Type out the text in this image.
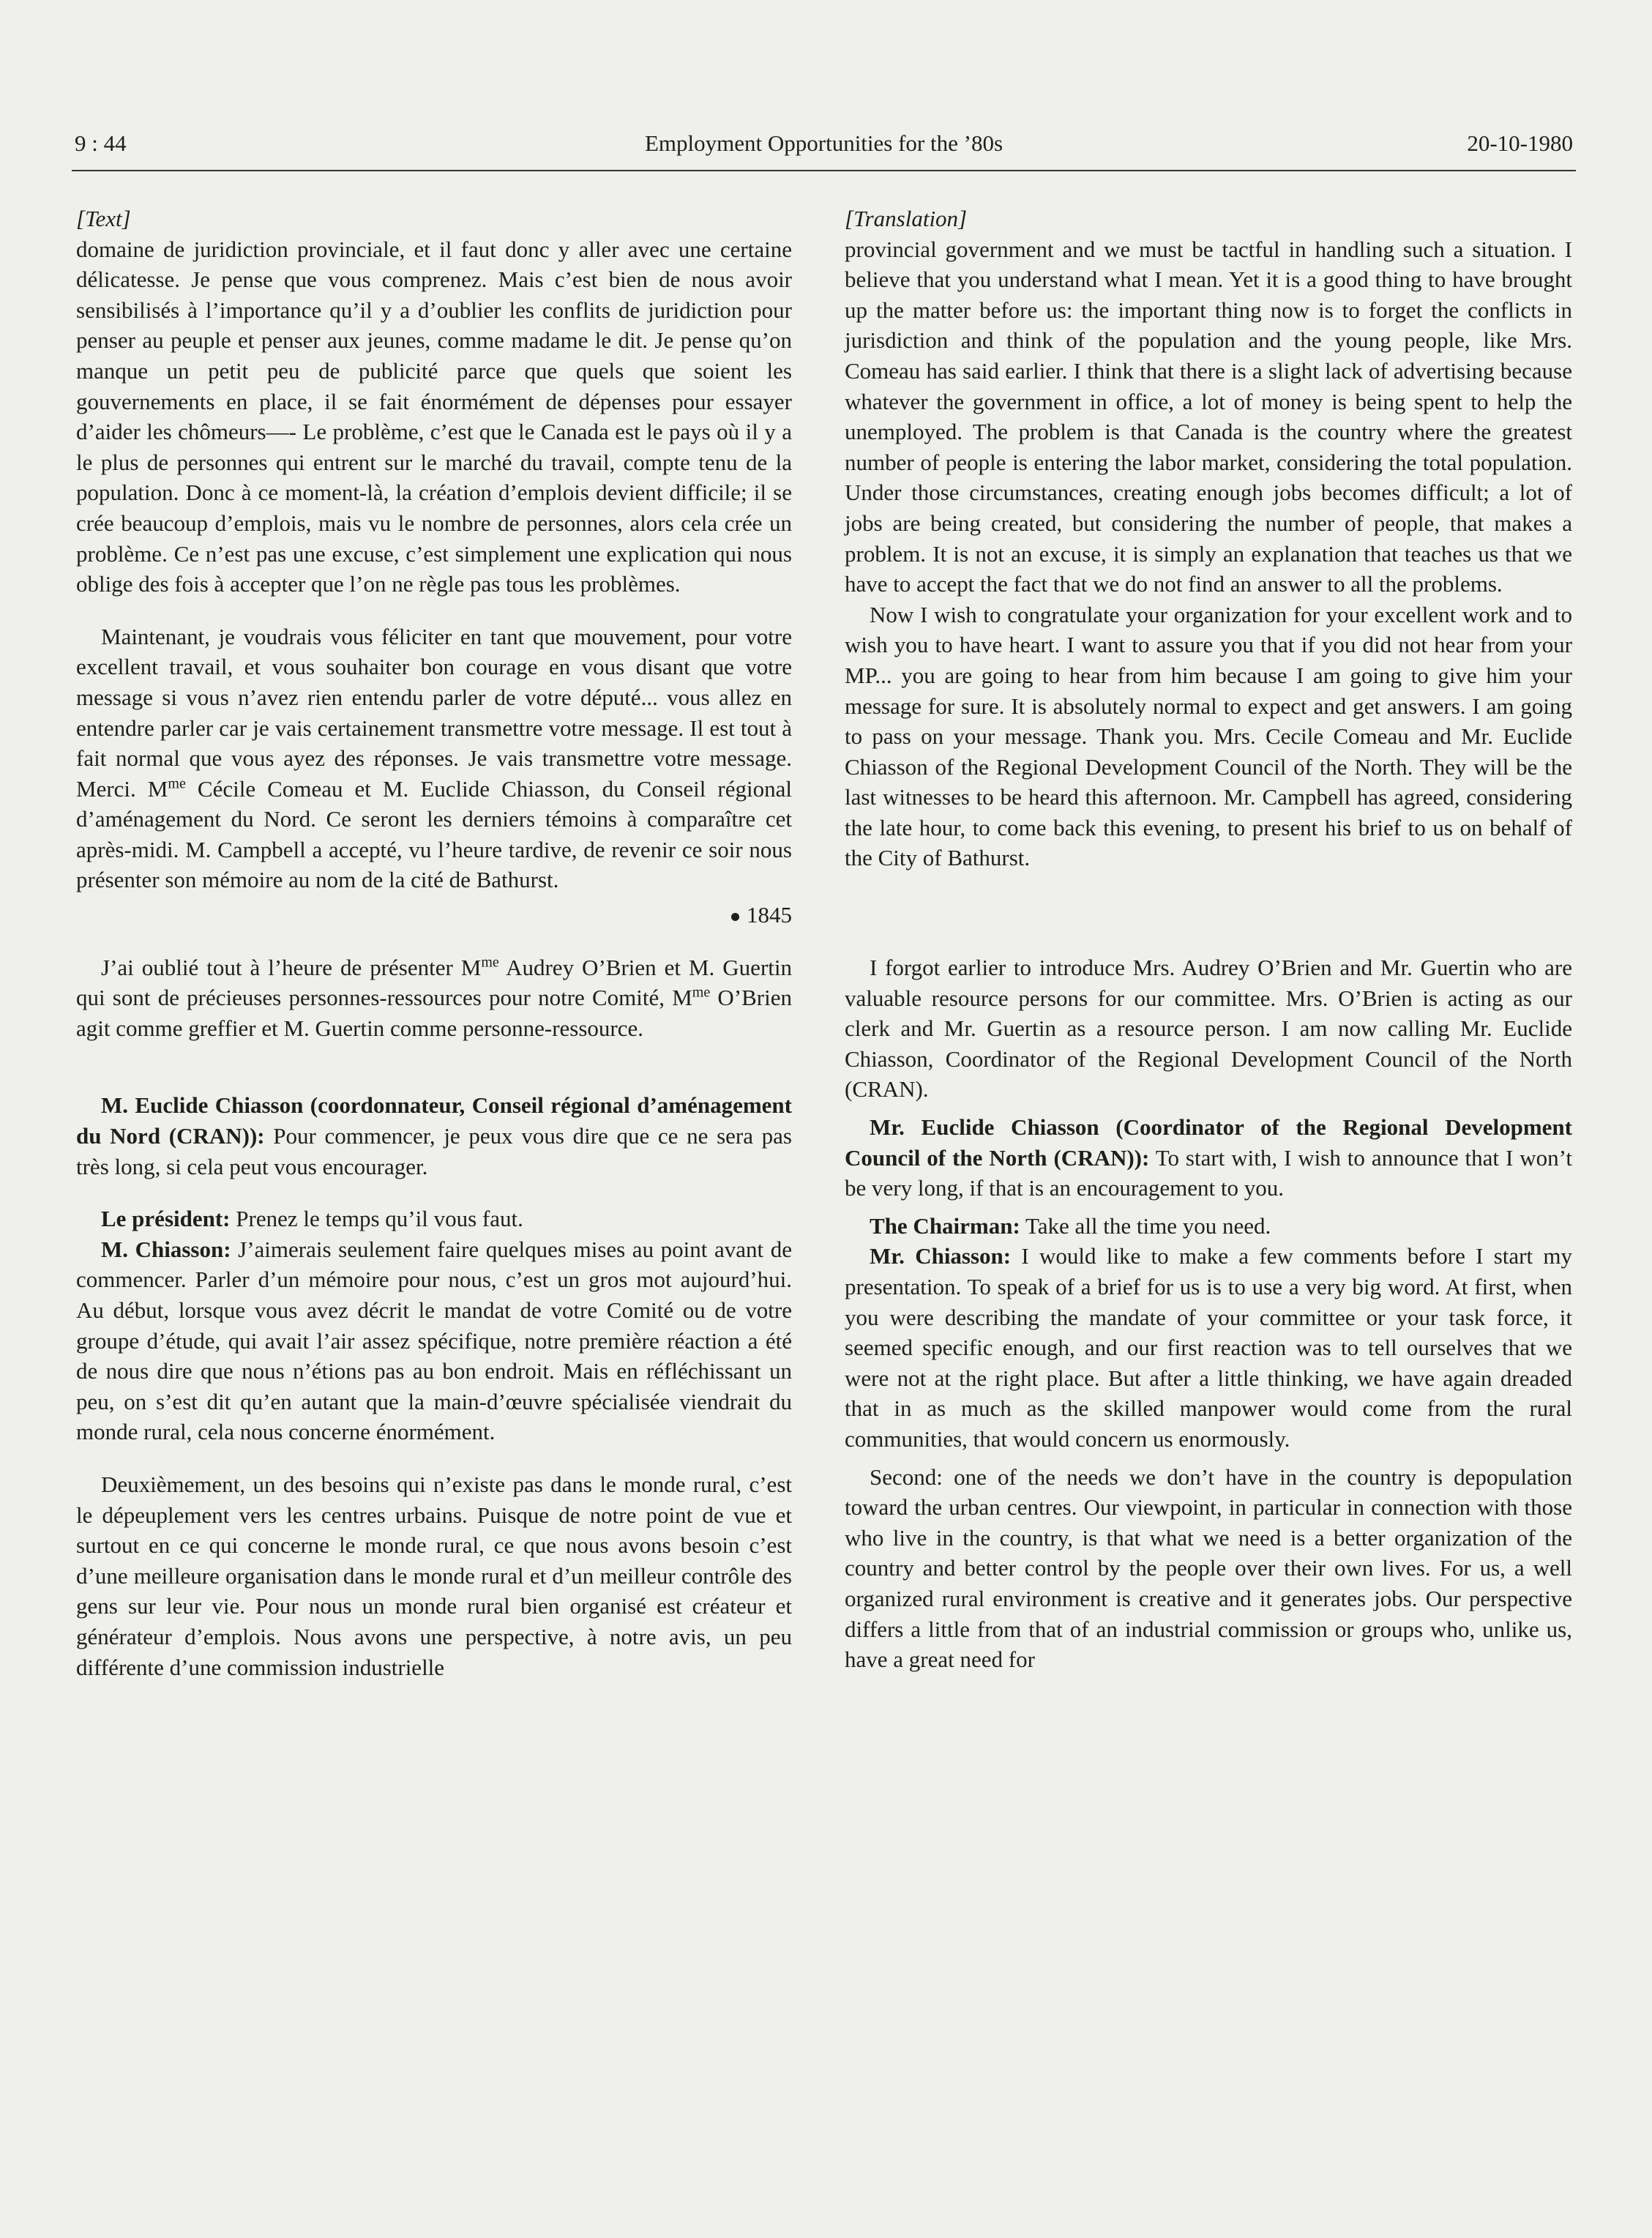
9 : 44	Employment Opportunities for the ’80s	20-10-1980

[Text]

domaine de juridiction provinciale, et il faut donc y aller avec une certaine délicatesse. Je pense que vous comprenez. Mais c’est bien de nous avoir sensibilisés à l’importance qu’il y a d’oublier les conflits de juridiction pour penser au peuple et penser aux jeunes, comme madame le dit. Je pense qu’on manque un petit peu de publicité parce que quels que soient les gouvernements en place, il se fait énormément de dépenses pour essayer d’aider les chômeurs—- Le problème, c’est que le Canada est le pays où il y a le plus de personnes qui entrent sur le marché du travail, compte tenu de la population. Donc à ce moment-là, la création d’emplois devient difficile; il se crée beaucoup d’emplois, mais vu le nombre de personnes, alors cela crée un problème. Ce n’est pas une excuse, c’est simplement une explication qui nous oblige des fois à accepter que l’on ne règle pas tous les problèmes.

Maintenant, je voudrais vous féliciter en tant que mouvement, pour votre excellent travail, et vous souhaiter bon courage en vous disant que votre message si vous n’avez rien entendu parler de votre député... vous allez en entendre parler car je vais certainement transmettre votre message. Il est tout à fait normal que vous ayez des réponses. Je vais transmettre votre message. Merci. $M^{me}$ Cécile Comeau et M. Euclide Chiasson, du Conseil régional d’aménagement du Nord. Ce seront les derniers témoins à comparaître cet après-midi. M. Campbell a accepté, vu l’heure tardive, de revenir ce soir nous présenter son mémoire au nom de la cité de Bathurst.

1845

J’ai oublié tout à l’heure de présenter $M^{me}$ Audrey O’Brien et M. Guertin qui sont de précieuses personnes-ressources pour notre Comité, $M^{me}$ O’Brien agit comme greffier et M. Guertin comme personne-ressource.

M. Euclide Chiasson (coordonnateur, Conseil régional d’aménagement du Nord (CRAN)): Pour commencer, je peux vous dire que ce ne sera pas très long, si cela peut vous encourager.

Le président: Prenez le temps qu’il vous faut.

M. Chiasson: J’aimerais seulement faire quelques mises au point avant de commencer. Parler d’un mémoire pour nous, c’est un gros mot aujourd’hui. Au début, lorsque vous avez décrit le mandat de votre Comité ou de votre groupe d’étude, qui avait l’air assez spécifique, notre première réaction a été de nous dire que nous n’étions pas au bon endroit. Mais en réfléchissant un peu, on s’est dit qu’en autant que la main-d’œuvre spécialisée viendrait du monde rural, cela nous concerne énormément.

Deuxièmement, un des besoins qui n’existe pas dans le monde rural, c’est le dépeuplement vers les centres urbains. Puisque de notre point de vue et surtout en ce qui concerne le monde rural, ce que nous avons besoin c’est d’une meilleure organisation dans le monde rural et d’un meilleur contrôle des gens sur leur vie. Pour nous un monde rural bien organisé est créateur et générateur d’emplois. Nous avons une perspective, à notre avis, un peu différente d’une commission industrielle

[Translation]

provincial government and we must be tactful in handling such a situation. I believe that you understand what I mean. Yet it is a good thing to have brought up the matter before us: the important thing now is to forget the conflicts in jurisdiction and think of the population and the young people, like Mrs. Comeau has said earlier. I think that there is a slight lack of advertising because whatever the government in office, a lot of money is being spent to help the unemployed. The problem is that Canada is the country where the greatest number of people is entering the labor market, considering the total population. Under those circumstances, creating enough jobs becomes difficult; a lot of jobs are being created, but considering the number of people, that makes a problem. It is not an excuse, it is simply an explanation that teaches us that we have to accept the fact that we do not find an answer to all the problems.

Now I wish to congratulate your organization for your excellent work and to wish you to have heart. I want to assure you that if you did not hear from your MP... you are going to hear from him because I am going to give him your message for sure. It is absolutely normal to expect and get answers. I am going to pass on your message. Thank you. Mrs. Cecile Comeau and Mr. Euclide Chiasson of the Regional Development Council of the North. They will be the last witnesses to be heard this afternoon. Mr. Campbell has agreed, considering the late hour, to come back this evening, to present his brief to us on behalf of the City of Bathurst.

I forgot earlier to introduce Mrs. Audrey O’Brien and Mr. Guertin who are valuable resource persons for our committee. Mrs. O’Brien is acting as our clerk and Mr. Guertin as a resource person. I am now calling Mr. Euclide Chiasson, Coordinator of the Regional Development Council of the North (CRAN).

Mr. Euclide Chiasson (Coordinator of the Regional Development Council of the North (CRAN)): To start with, I wish to announce that I won’t be very long, if that is an encouragement to you.

The Chairman: Take all the time you need.

Mr. Chiasson: I would like to make a few comments before I start my presentation. To speak of a brief for us is to use a very big word. At first, when you were describing the mandate of your committee or your task force, it seemed specific enough, and our first reaction was to tell ourselves that we were not at the right place. But after a little thinking, we have again dreaded that in as much as the skilled manpower would come from the rural communities, that would concern us enormously.

Second: one of the needs we don’t have in the country is depopulation toward the urban centres. Our viewpoint, in particular in connection with those who live in the country, is that what we need is a better organization of the country and better control by the people over their own lives. For us, a well organized rural environment is creative and it generates jobs. Our perspective differs a little from that of an industrial commission or groups who, unlike us, have a great need for
